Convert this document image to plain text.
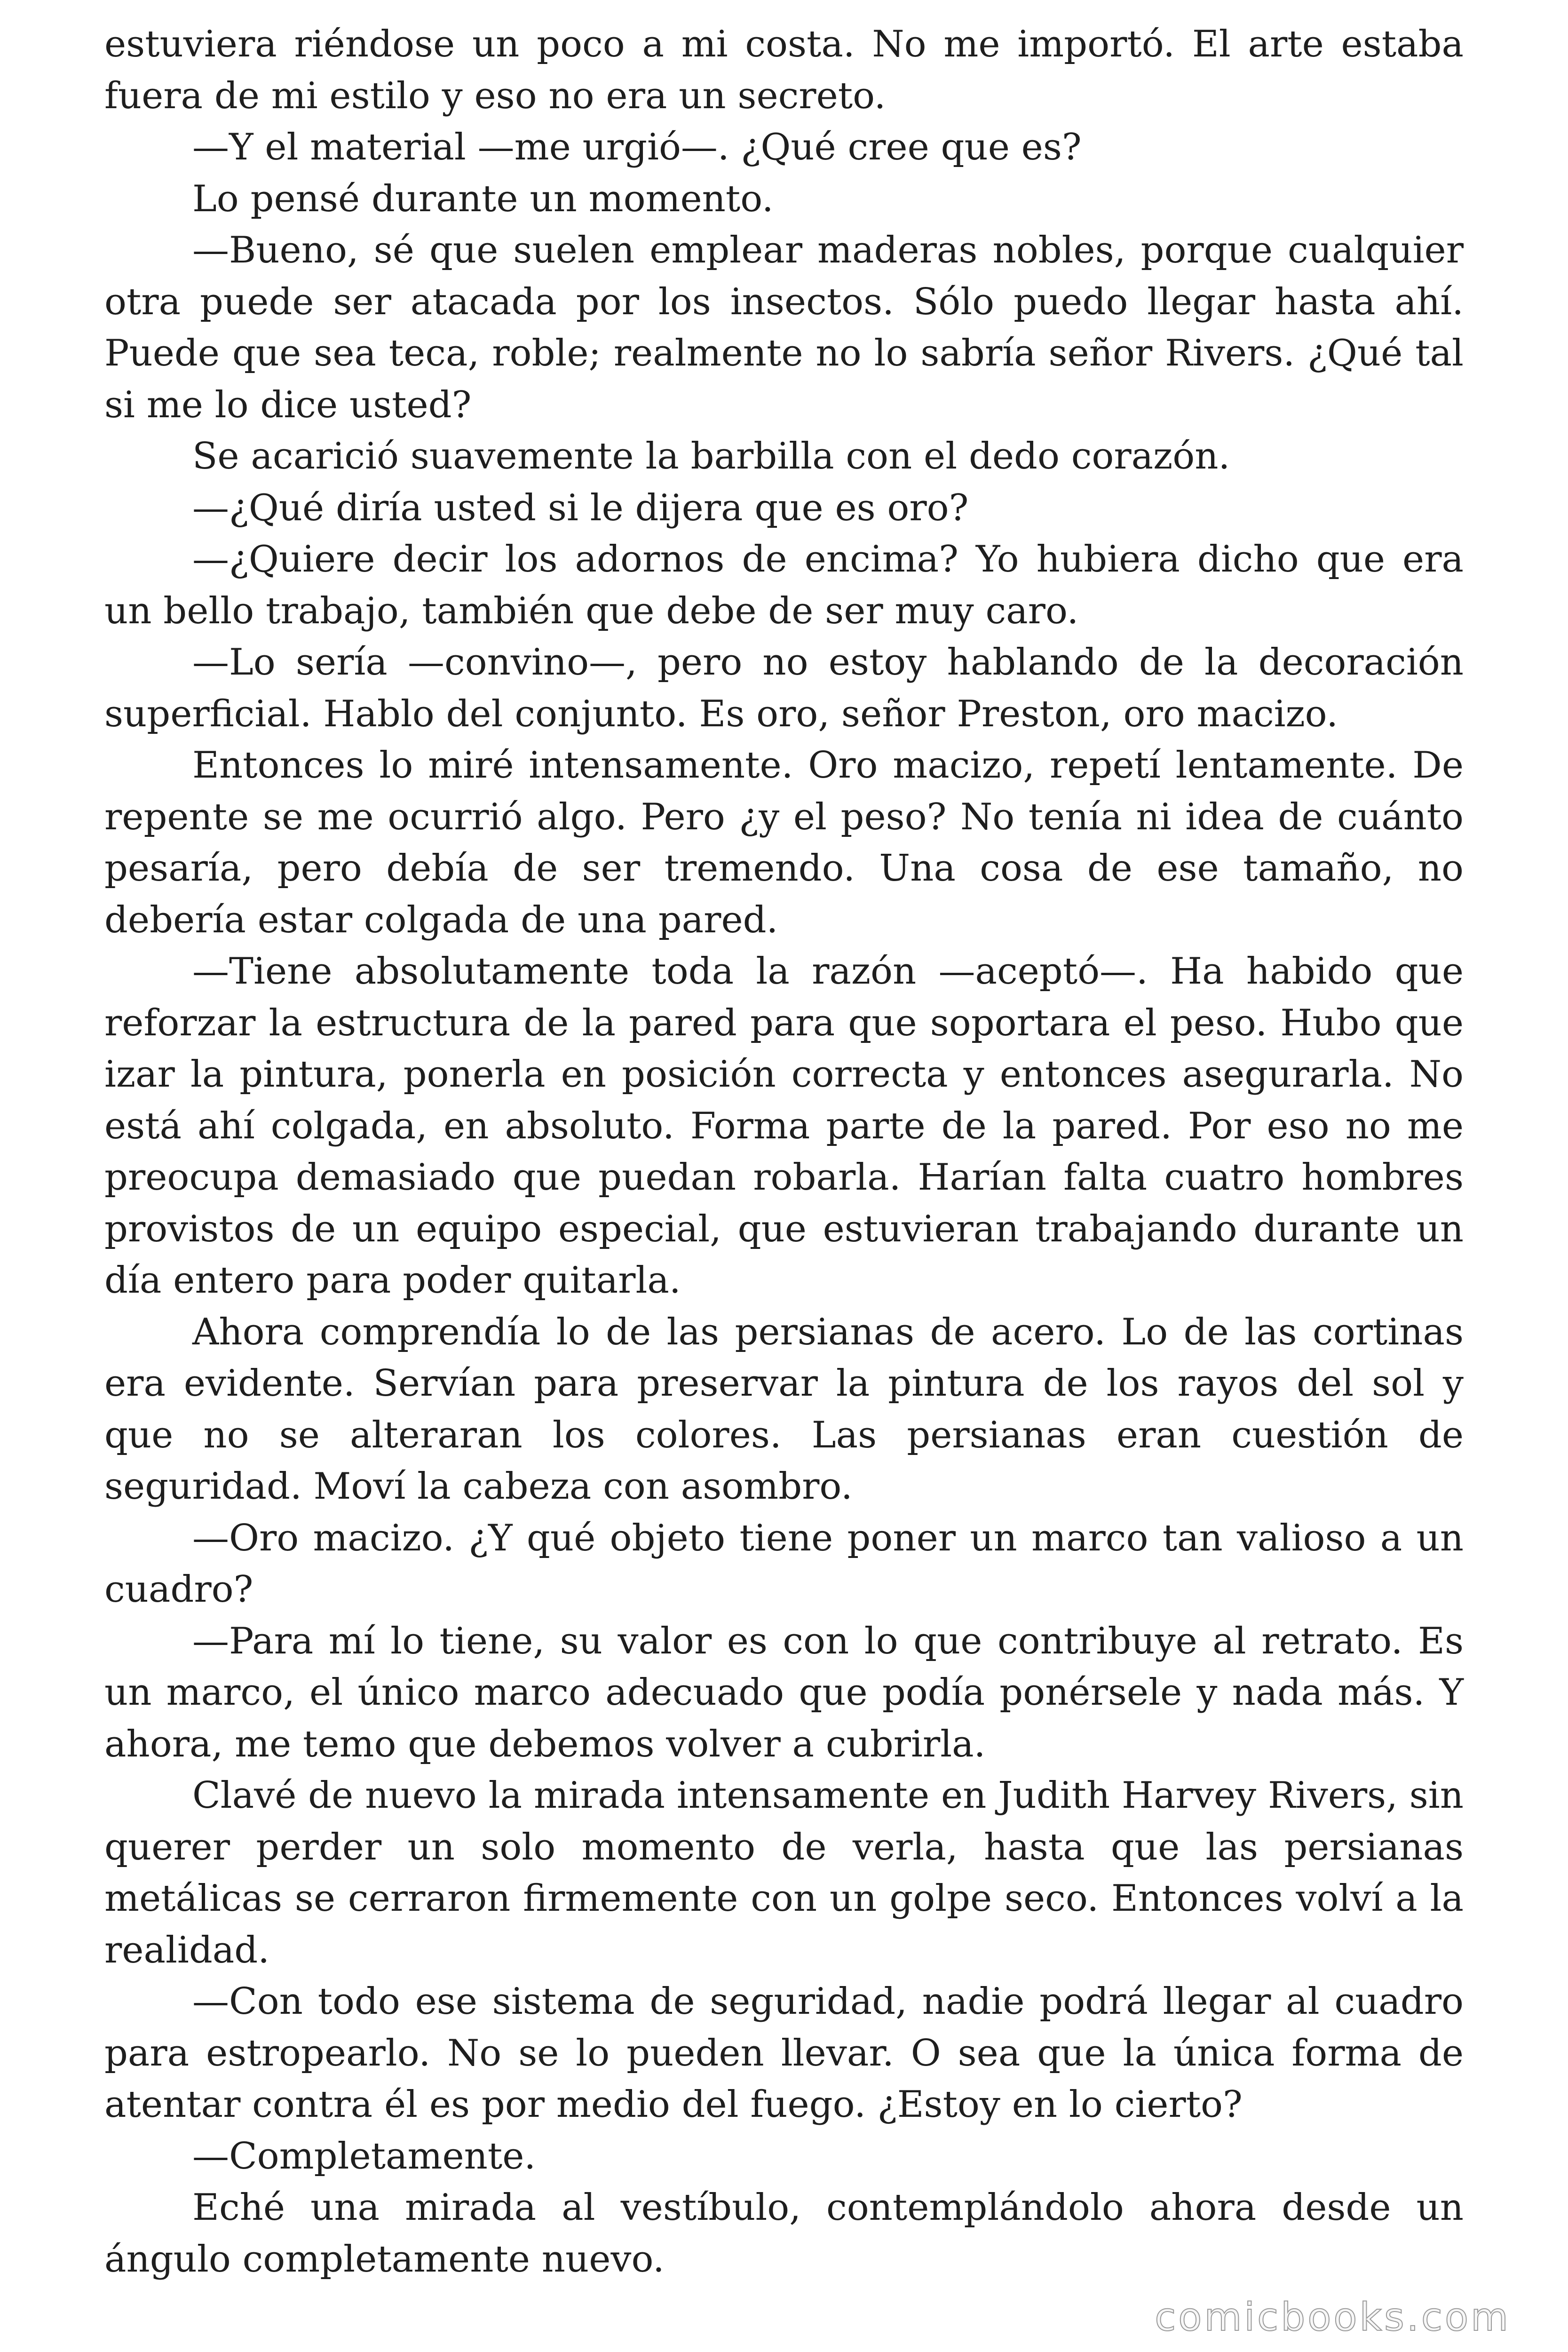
estuviera riéndose un poco a mi costa. No me importó. El arte estaba fuera de mi estilo y eso no era un secreto.

—Y el material —me urgió—. ¿Qué cree que es?

Lo pensé durante un momento.

—Bueno, sé que suelen emplear maderas nobles, porque cualquier otra puede ser atacada por los insectos. Sólo puedo llegar hasta ahí. Puede que sea teca, roble; realmente no lo sabría señor Rivers. ¿Qué tal si me lo dice usted?

Se acarició suavemente la barbilla con el dedo corazón.

—¿Qué diría usted si le dijera que es oro?

—¿Quiere decir los adornos de encima? Yo hubiera dicho que era un bello trabajo, también que debe de ser muy caro.

—Lo sería —convino—, pero no estoy hablando de la decoración superficial. Hablo del conjunto. Es oro, señor Preston, oro macizo.

Entonces lo miré intensamente. Oro macizo, repetí lentamente. De repente se me ocurrió algo. Pero ¿y el peso? No tenía ni idea de cuánto pesaría, pero debía de ser tremendo. Una cosa de ese tamaño, no debería estar colgada de una pared.

—Tiene absolutamente toda la razón —aceptó—. Ha habido que reforzar la estructura de la pared para que soportara el peso. Hubo que izar la pintura, ponerla en posición correcta y entonces asegurarla. No está ahí colgada, en absoluto. Forma parte de la pared. Por eso no me preocupa demasiado que puedan robarla. Harían falta cuatro hombres provistos de un equipo especial, que estuvieran trabajando durante un día entero para poder quitarla.

Ahora comprendía lo de las persianas de acero. Lo de las cortinas era evidente. Servían para preservar la pintura de los rayos del sol y que no se alteraran los colores. Las persianas eran cuestión de seguridad. Moví la cabeza con asombro.

—Oro macizo. ¿Y qué objeto tiene poner un marco tan valioso a un cuadro?

—Para mí lo tiene, su valor es con lo que contribuye al retrato. Es un marco, el único marco adecuado que podía ponérsele y nada más. Y ahora, me temo que debemos volver a cubrirla.

Clavé de nuevo la mirada intensamente en Judith Harvey Rivers, sin querer perder un solo momento de verla, hasta que las persianas metálicas se cerraron firmemente con un golpe seco. Entonces volví a la realidad.

—Con todo ese sistema de seguridad, nadie podrá llegar al cuadro para estropearlo. No se lo pueden llevar. O sea que la única forma de atentar contra él es por medio del fuego. ¿Estoy en lo cierto?

—Completamente.

Eché una mirada al vestíbulo, contemplándolo ahora desde un ángulo completamente nuevo.

comicbooks.com
